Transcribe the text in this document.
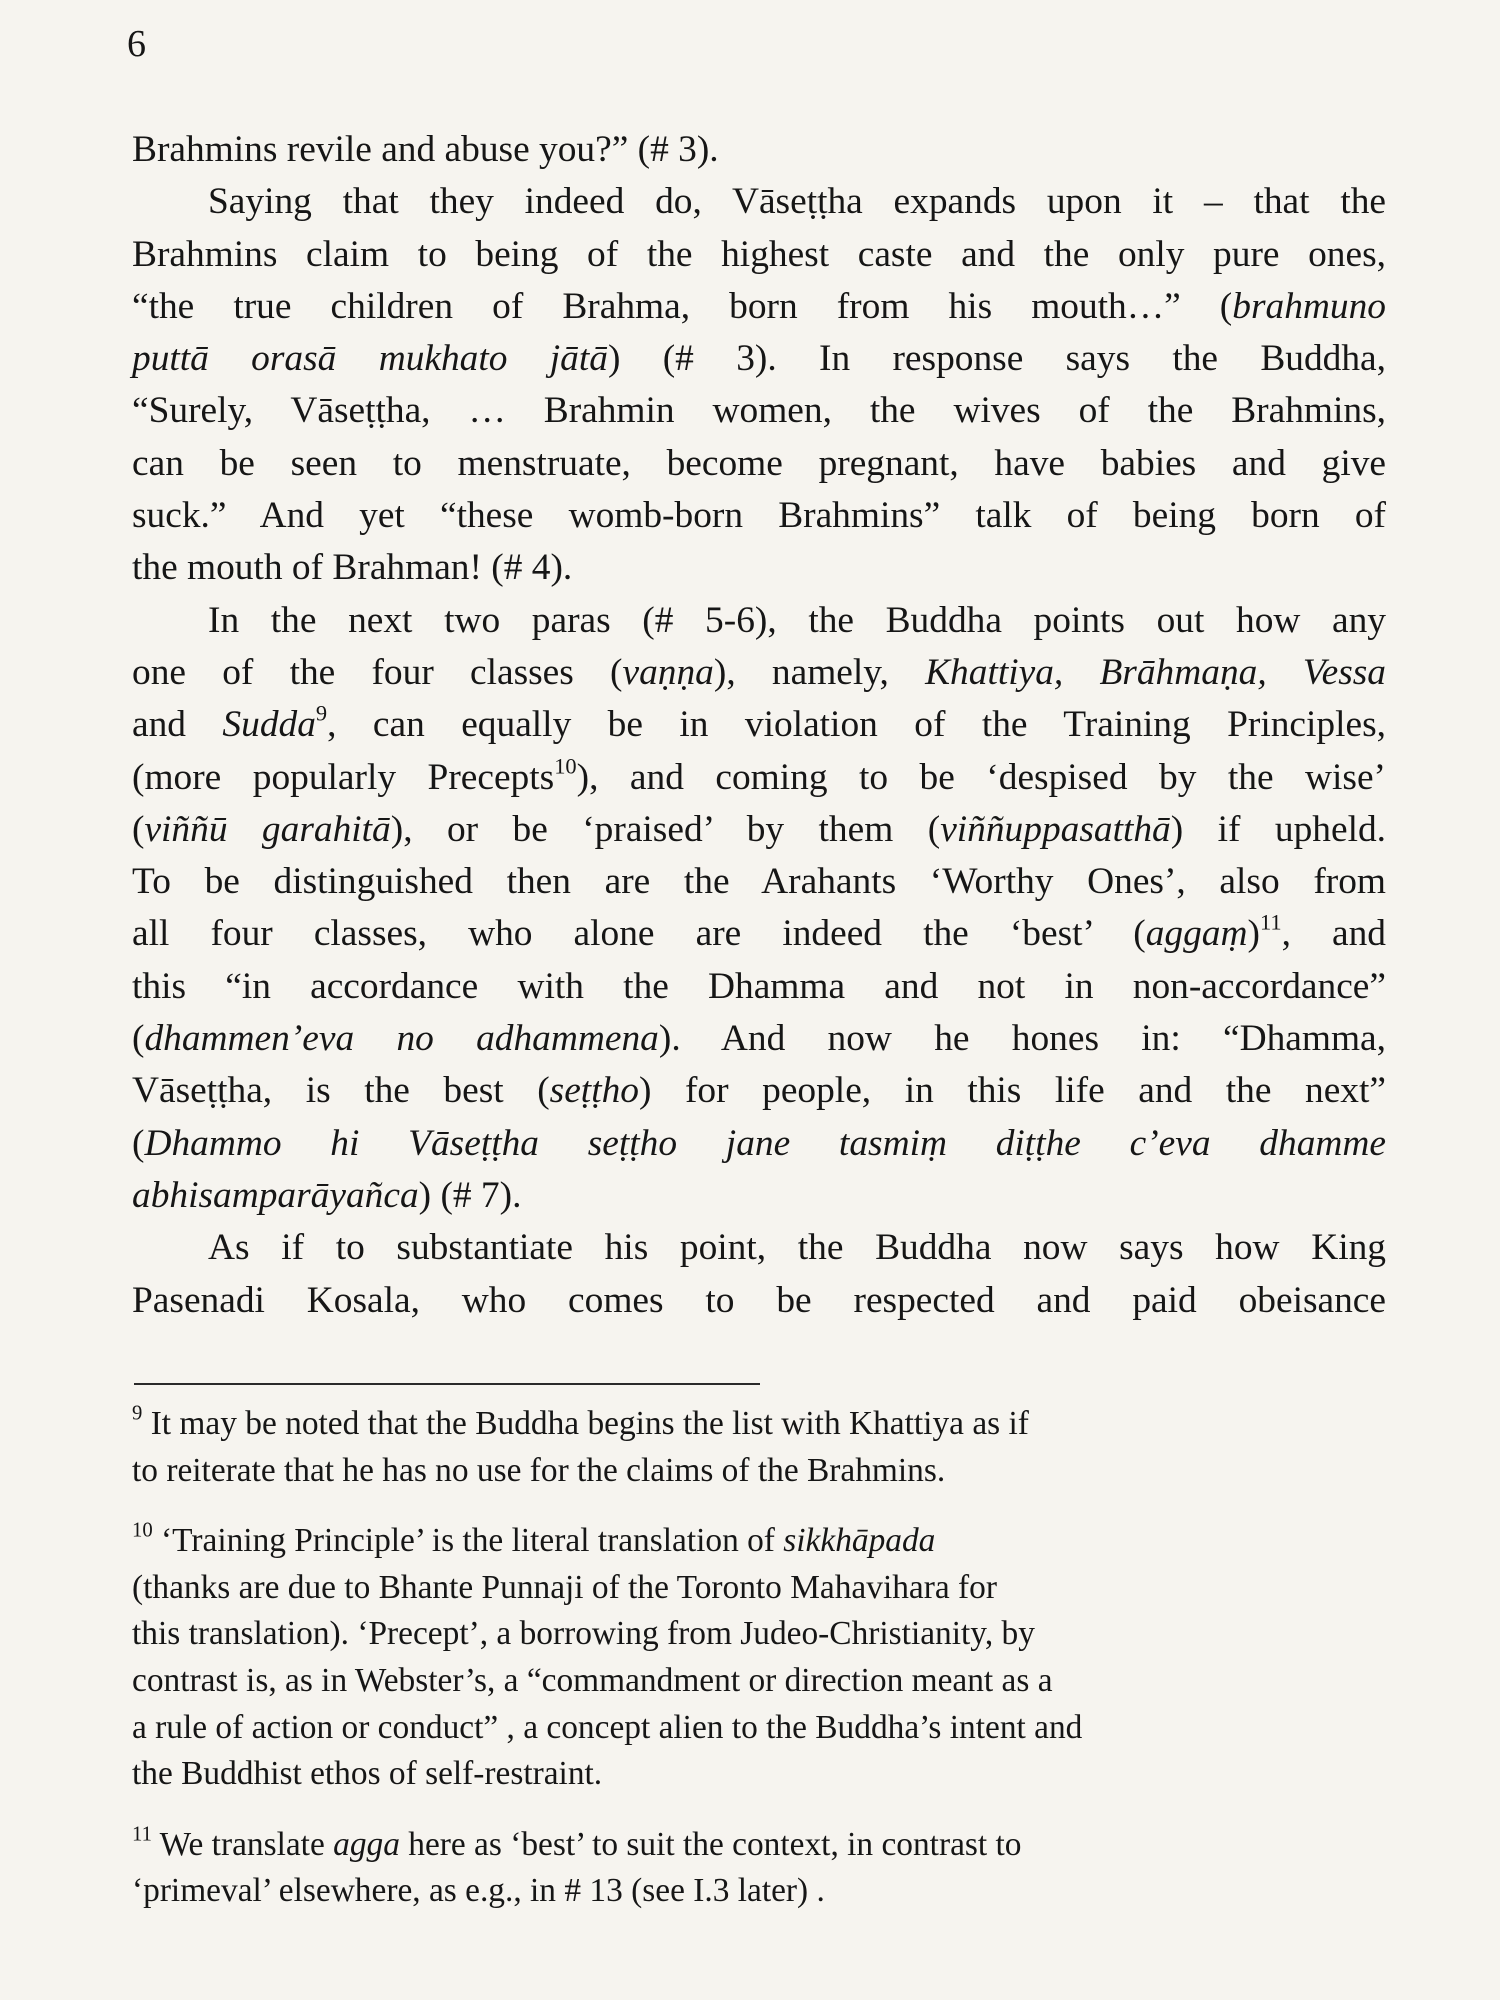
6
Brahmins revile and abuse you?” (# 3).
Saying that they indeed do, Vāseṭṭha expands upon it – that the
Brahmins claim to being of the highest caste and the only pure ones,
“the true children of Brahma, born from his mouth…” (brahmuno
puttā orasā mukhato jātā) (# 3). In response says the Buddha,
“Surely, Vāseṭṭha, … Brahmin women, the wives of the Brahmins,
can be seen to menstruate, become pregnant, have babies and give
suck.” And yet “these womb-born Brahmins” talk of being born of
the mouth of Brahman! (# 4).
In the next two paras (# 5-6), the Buddha points out how any
one of the four classes (vaṇṇa), namely, Khattiya, Brāhmaṇa, Vessa
and Sudda$^9$, can equally be in violation of the Training Principles,
(more popularly Precepts$^{10}$), and coming to be ‘despised by the wise’
(viññū garahitā), or be ‘praised’ by them (viññuppasatthā) if upheld.
To be distinguished then are the Arahants ‘Worthy Ones’, also from
all four classes, who alone are indeed the ‘best’ (aggaṃ)$^{11}$, and
this “in accordance with the Dhamma and not in non-accordance”
(dhammen’eva no adhammena). And now he hones in: “Dhamma,
Vāseṭṭha, is the best (seṭṭho) for people, in this life and the next”
(Dhammo hi Vāseṭṭha seṭṭho jane tasmiṃ diṭṭhe c’eva dhamme
abhisamparāyañca) (# 7).
As if to substantiate his point, the Buddha now says how King
Pasenadi Kosala, who comes to be respected and paid obeisance
$^9$ It may be noted that the Buddha begins the list with Khattiya as if
to reiterate that he has no use for the claims of the Brahmins.
$^{10}$ ‘Training Principle’ is the literal translation of sikkhāpada
(thanks are due to Bhante Punnaji of the Toronto Mahavihara for
this translation). ‘Precept’, a borrowing from Judeo-Christianity, by
contrast is, as in Webster’s, a “commandment or direction meant as a
a rule of action or conduct” , a concept alien to the Buddha’s intent and
the Buddhist ethos of self-restraint.
$^{11}$ We translate agga here as ‘best’ to suit the context, in contrast to
‘primeval’ elsewhere, as e.g., in # 13 (see I.3 later) .
